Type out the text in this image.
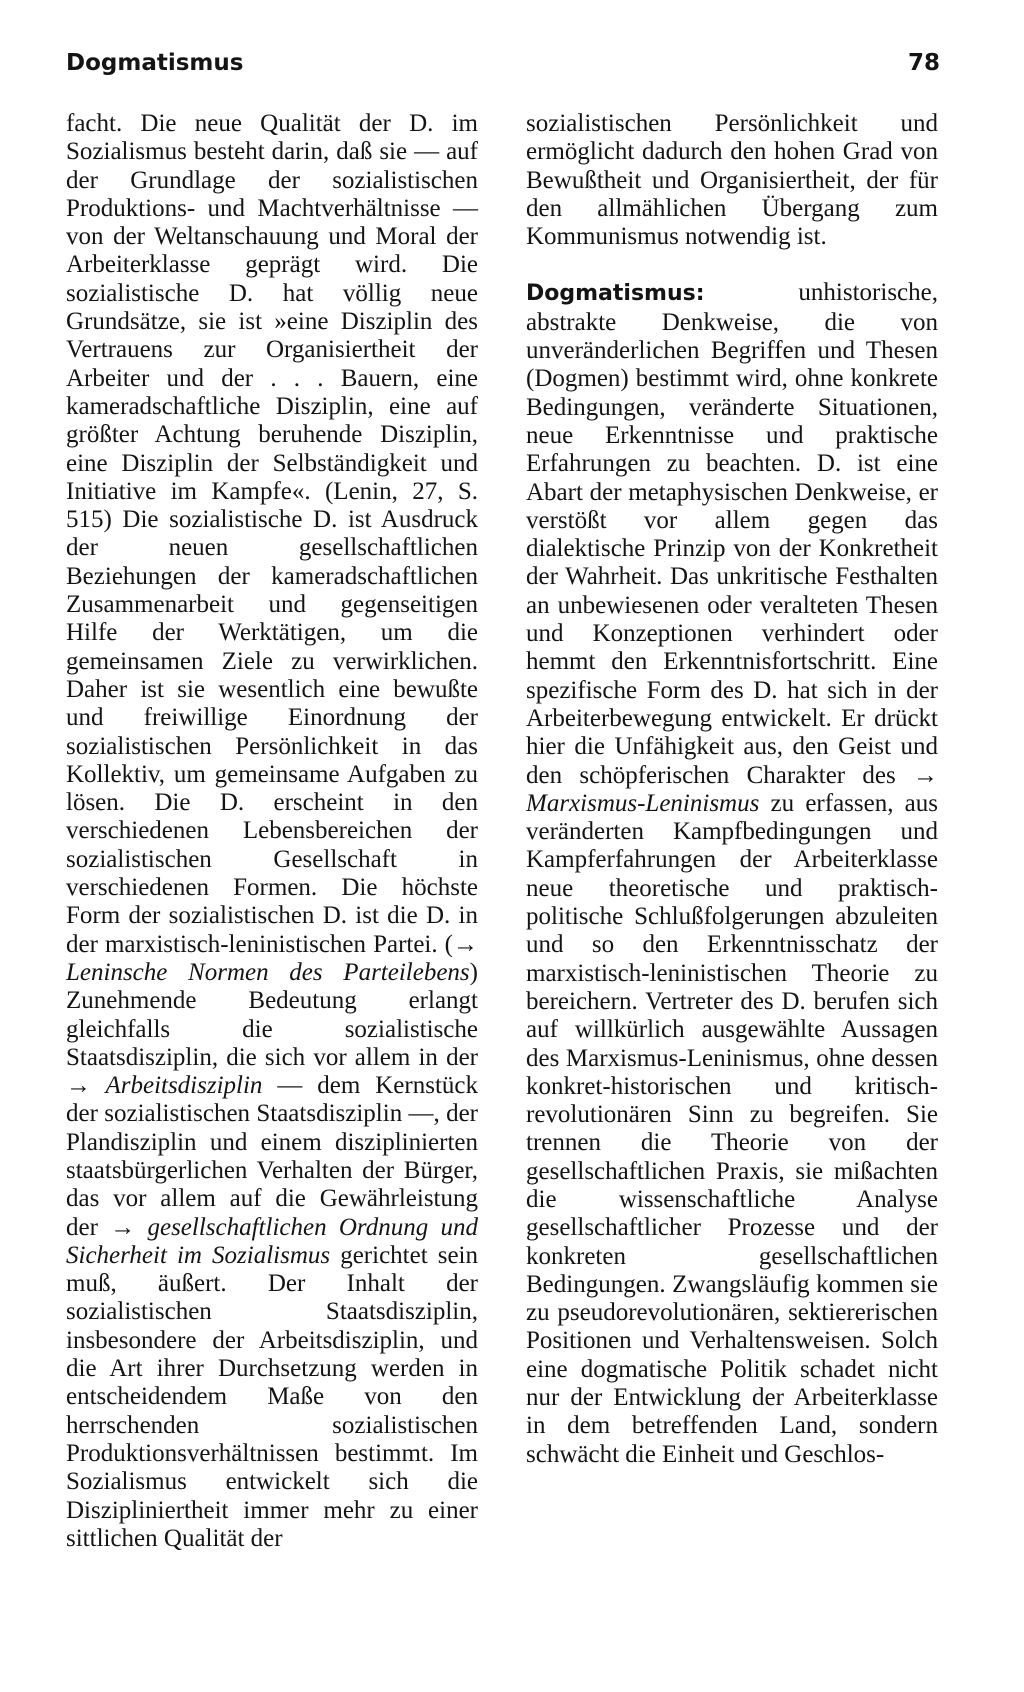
Dogmatismus	78

facht. Die neue Qualität der D. im Sozialismus besteht darin, daß sie — auf der Grundlage der sozialistischen Produktions- und Machtverhältnisse — von der Weltanschauung und Moral der Arbeiterklasse geprägt wird. Die sozialistische D. hat völlig neue Grundsätze, sie ist »eine Disziplin des Vertrauens zur Organisiertheit der Arbeiter und der . . . Bauern, eine kameradschaftliche Disziplin, eine auf größter Achtung beruhende Disziplin, eine Disziplin der Selbständigkeit und Initiative im Kampfe«. (Lenin, 27, S. 515) Die sozialistische D. ist Ausdruck der neuen gesellschaftlichen Beziehungen der kameradschaftlichen Zusammenarbeit und gegenseitigen Hilfe der Werktätigen, um die gemeinsamen Ziele zu verwirklichen. Daher ist sie wesentlich eine bewußte und freiwillige Einordnung der sozialistischen Persönlichkeit in das Kollektiv, um gemeinsame Aufgaben zu lösen. Die D. erscheint in den verschiedenen Lebensbereichen der sozialistischen Gesellschaft in verschiedenen Formen. Die höchste Form der sozialistischen D. ist die D. in der marxistisch-leninistischen Partei. (→ Leninsche Normen des Parteilebens) Zunehmende Bedeutung erlangt gleichfalls die sozialistische Staatsdisziplin, die sich vor allem in der → Arbeitsdisziplin — dem Kernstück der sozialistischen Staatsdisziplin —, der Plandisziplin und einem disziplinierten staatsbürgerlichen Verhalten der Bürger, das vor allem auf die Gewährleistung der → gesellschaftlichen Ordnung und Sicherheit im Sozialismus gerichtet sein muß, äußert. Der Inhalt der sozialistischen Staatsdisziplin, insbesondere der Arbeitsdisziplin, und die Art ihrer Durchsetzung werden in entscheidendem Maße von den herrschenden sozialistischen Produktionsverhältnissen bestimmt. Im Sozialismus entwickelt sich die Diszipliniertheit immer mehr zu einer sittlichen Qualität der

sozialistischen Persönlichkeit und ermöglicht dadurch den hohen Grad von Bewußtheit und Organisiertheit, der für den allmählichen Übergang zum Kommunismus notwendig ist.

Dogmatismus: unhistorische, abstrakte Denkweise, die von unveränderlichen Begriffen und Thesen (Dogmen) bestimmt wird, ohne konkrete Bedingungen, veränderte Situationen, neue Erkenntnisse und praktische Erfahrungen zu beachten. D. ist eine Abart der metaphysischen Denkweise, er verstößt vor allem gegen das dialektische Prinzip von der Konkretheit der Wahrheit. Das unkritische Festhalten an unbewiesenen oder veralteten Thesen und Konzeptionen verhindert oder hemmt den Erkenntnisfortschritt. Eine spezifische Form des D. hat sich in der Arbeiterbewegung entwickelt. Er drückt hier die Unfähigkeit aus, den Geist und den schöpferischen Charakter des → Marxismus-Leninismus zu erfassen, aus veränderten Kampfbedingungen und Kampferfahrungen der Arbeiterklasse neue theoretische und praktisch-politische Schlußfolgerungen abzuleiten und so den Erkenntnisschatz der marxistisch-leninistischen Theorie zu bereichern. Vertreter des D. berufen sich auf willkürlich ausgewählte Aussagen des Marxismus-Leninismus, ohne dessen konkret-historischen und kritisch-revolutionären Sinn zu begreifen. Sie trennen die Theorie von der gesellschaftlichen Praxis, sie mißachten die wissenschaftliche Analyse gesellschaftlicher Prozesse und der konkreten gesellschaftlichen Bedingungen. Zwangsläufig kommen sie zu pseudorevolutionären, sektiererischen Positionen und Verhaltensweisen. Solch eine dogmatische Politik schadet nicht nur der Entwicklung der Arbeiterklasse in dem betreffenden Land, sondern schwächt die Einheit und Geschlos-
